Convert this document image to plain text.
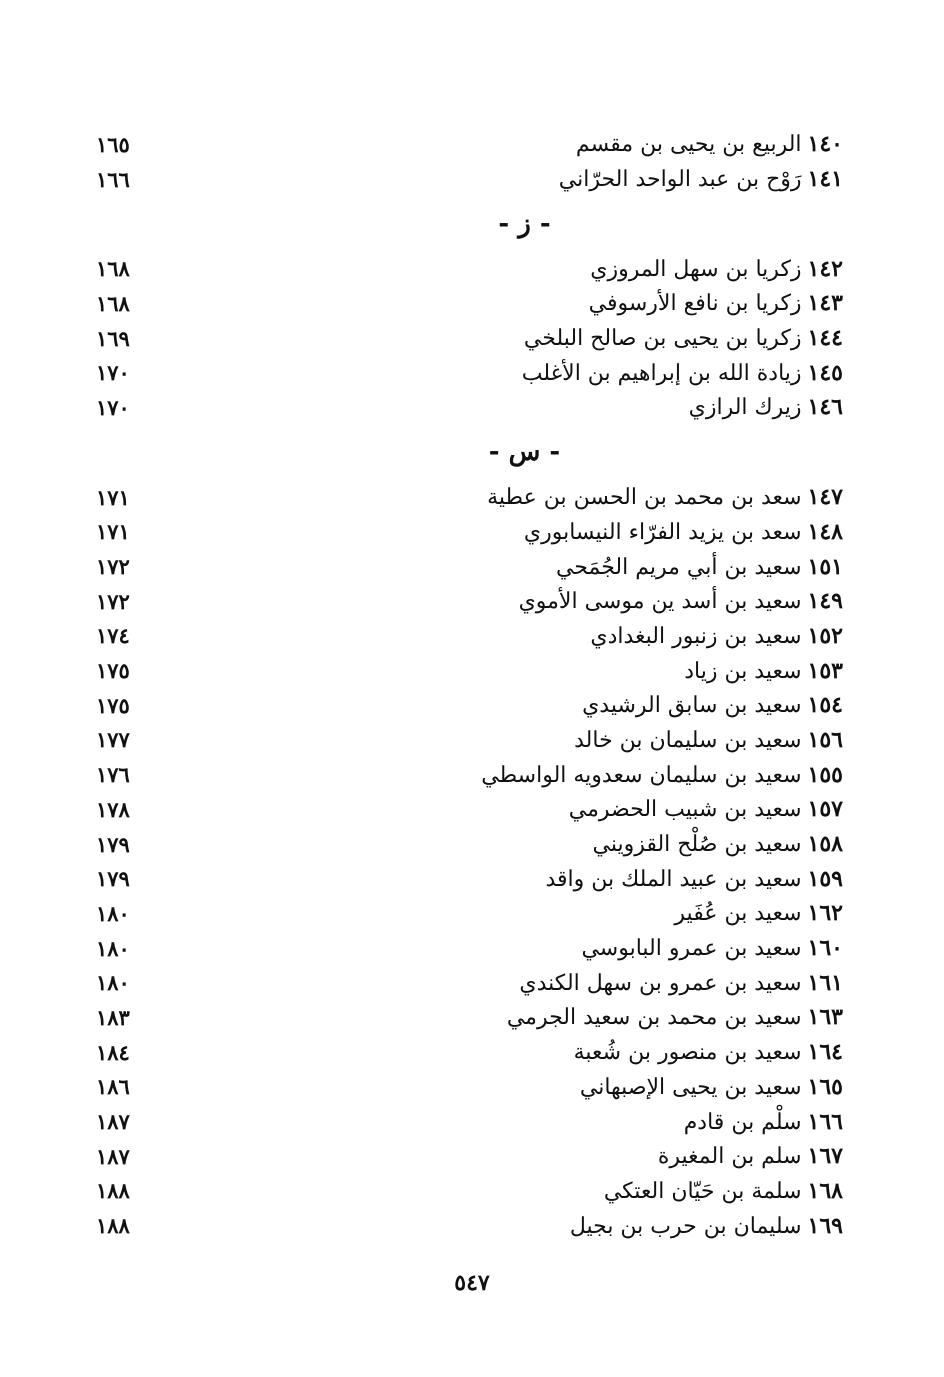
١٤٠الربيع بن يحيى بن مقسم
١٦٥
١٤١رَوْح بن عبد الواحد الحرّاني
١٦٦
- ز -
١٤٢زكريا بن سهل المروزي
١٦٨
١٤٣زكريا بن نافع الأرسوفي
١٦٨
١٤٤زكريا بن يحيى بن صالح البلخي
١٦٩
١٤٥زيادة الله بن إبراهيم بن الأغلب
١٧٠
١٤٦زيرك الرازي
١٧٠
- س -
١٤٧سعد بن محمد بن الحسن بن عطية
١٧١
١٤٨سعد بن يزيد الفرّاء النيسابوري
١٧١
١٥١سعيد بن أبي مريم الجُمَحي
١٧٢
١٤٩سعيد بن أسد ين موسى الأموي
١٧٢
١٥٢سعيد بن زنبور البغدادي
١٧٤
١٥٣سعيد بن زياد
١٧٥
١٥٤سعيد بن سابق الرشيدي
١٧٥
١٥٦سعيد بن سليمان بن خالد
١٧٧
١٥٥سعيد بن سليمان سعدويه الواسطي
١٧٦
١٥٧سعيد بن شبيب الحضرمي
١٧٨
١٥٨سعيد بن صُلْح القزويني
١٧٩
١٥٩سعيد بن عبيد الملك بن واقد
١٧٩
١٦٢سعيد بن عُفَير
١٨٠
١٦٠سعيد بن عمرو البابوسي
١٨٠
١٦١سعيد بن عمرو بن سهل الكندي
١٨٠
١٦٣سعيد بن محمد بن سعيد الجرمي
١٨٣
١٦٤سعيد بن منصور بن شُعبة
١٨٤
١٦٥سعيد بن يحيى الإصبهاني
١٨٦
١٦٦سلْم بن قادم
١٨٧
١٦٧سلم بن المغيرة
١٨٧
١٦٨سلمة بن حَيّان العتكي
١٨٨
١٦٩سليمان بن حرب بن بجيل
١٨٨
٥٤٧
